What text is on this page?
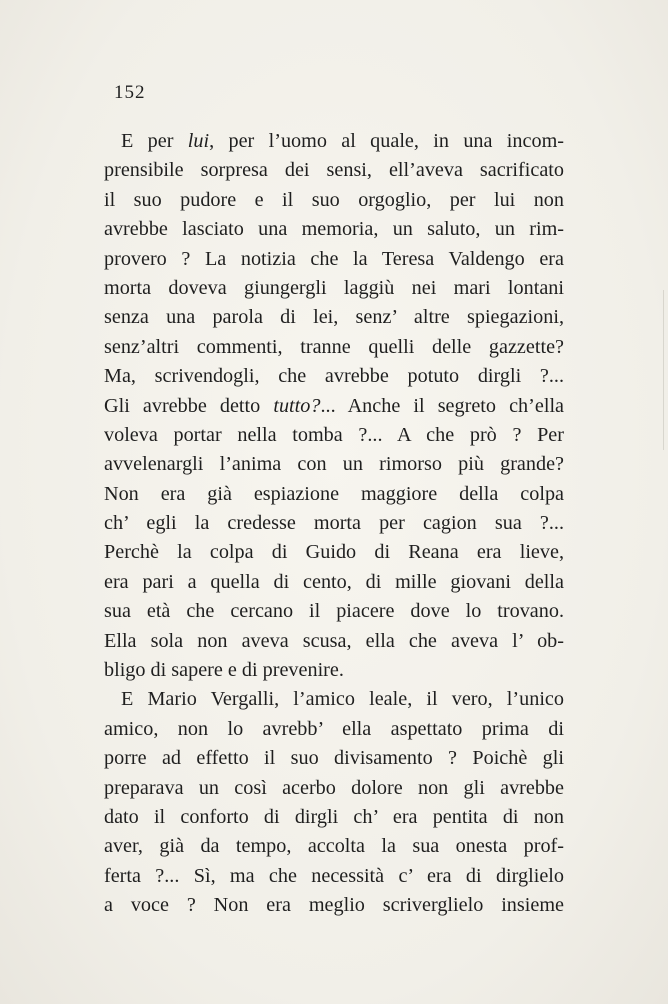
152
E per lui, per l’uomo al quale, in una incom-
prensibile sorpresa dei sensi, ell’aveva sacrificato
il suo pudore e il suo orgoglio, per lui non
avrebbe lasciato una memoria, un saluto, un rim-
provero ? La notizia che la Teresa Valdengo era
morta doveva giungergli laggiù nei mari lontani
senza una parola di lei, senz’ altre spiegazioni,
senz’altri commenti, tranne quelli delle gazzette?
Ma, scrivendogli, che avrebbe potuto dirgli ?...
Gli avrebbe detto tutto?... Anche il segreto ch’ella
voleva portar nella tomba ?... A che prò ? Per
avvelenargli l’anima con un rimorso più grande?
Non era già espiazione maggiore della colpa
ch’ egli la credesse morta per cagion sua ?...
Perchè la colpa di Guido di Reana era lieve,
era pari a quella di cento, di mille giovani della
sua età che cercano il piacere dove lo trovano.
Ella sola non aveva scusa, ella che aveva l’ ob-
bligo di sapere e di prevenire.
E Mario Vergalli, l’amico leale, il vero, l’unico
amico, non lo avrebb’ ella aspettato prima di
porre ad effetto il suo divisamento ? Poichè gli
preparava un così acerbo dolore non gli avrebbe
dato il conforto di dirgli ch’ era pentita di non
aver, già da tempo, accolta la sua onesta prof-
ferta ?... Sì, ma che necessità c’ era di dirglielo
a voce ? Non era meglio scriverglielo insieme
